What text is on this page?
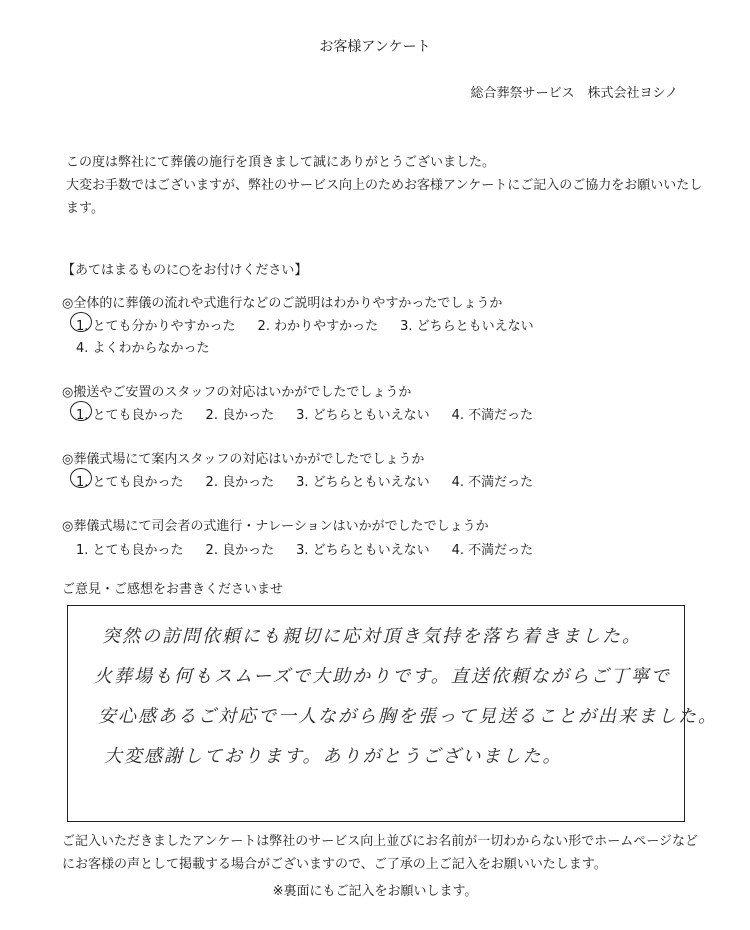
お客様アンケート
総合葬祭サービス　株式会社ヨシノ
この度は弊社にて葬儀の施行を頂きまして誠にありがとうございました。
大変お手数ではございますが、弊社のサービス向上のためお客様アンケートにご記入のご協力をお願いいたします。
【あてはまるものに○をお付けください】
◎全体的に葬儀の流れや式進行などのご説明はわかりやすかったでしょうか
1. とても分かりやすかった 2. わかりやすかった 3. どちらともいえない
4. よくわからなかった
◎搬送やご安置のスタッフの対応はいかがでしたでしょうか
1. とても良かった 2. 良かった 3. どちらともいえない 4. 不満だった
◎葬儀式場にて案内スタッフの対応はいかがでしたでしょうか
1. とても良かった 2. 良かった 3. どちらともいえない 4. 不満だった
◎葬儀式場にて司会者の式進行・ナレーションはいかがでしたでしょうか
1. とても良かった 2. 良かった 3. どちらともいえない 4. 不満だった
ご意見・ご感想をお書きくださいませ
突然の訪問依頼にも親切に応対頂き気持を落ち着きました。
火葬場も何もスムーズで大助かりです。直送依頼ながらご丁寧で
安心感あるご対応で一人ながら胸を張って見送ることが出来ました。
大変感謝しております。ありがとうございました。
ご記入いただきましたアンケートは弊社のサービス向上並びにお名前が一切わからない形でホームページなどにお客様の声として掲載する場合がございますので、ご了承の上ご記入をお願いいたします。
※裏面にもご記入をお願いします。
